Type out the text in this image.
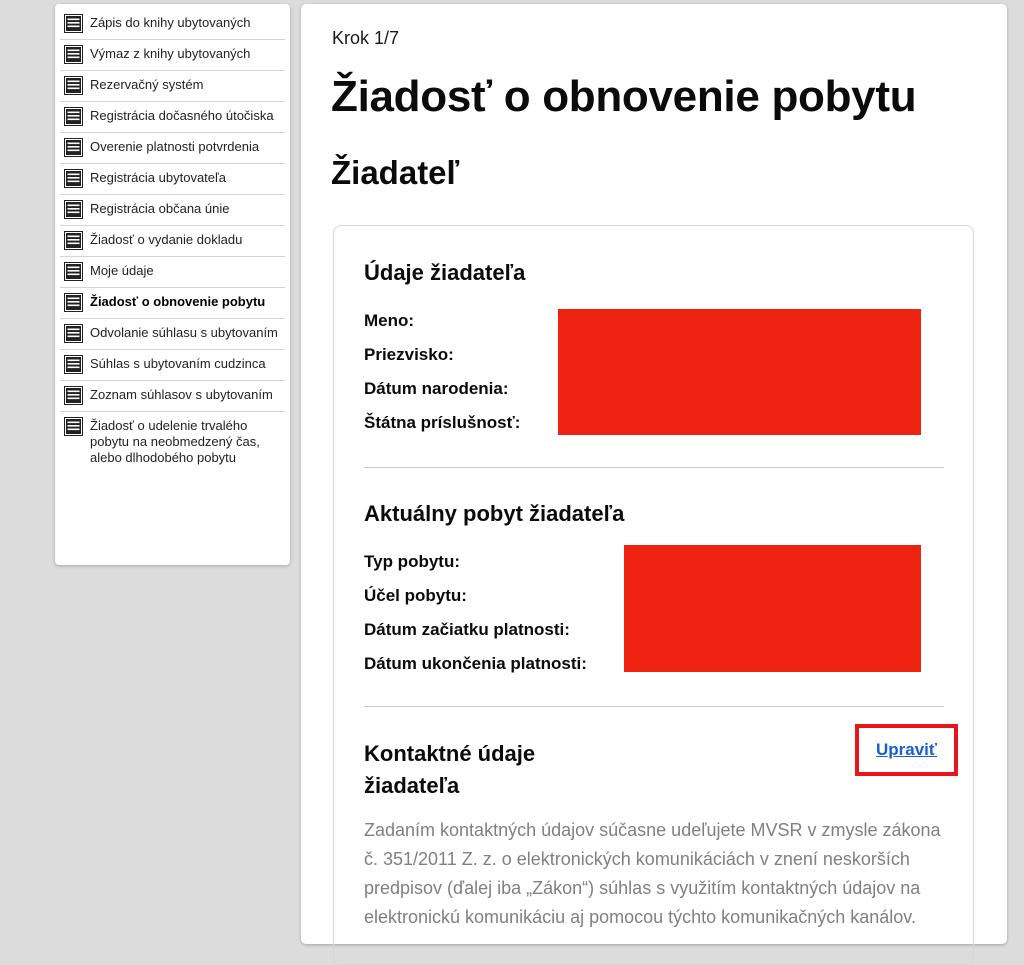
Zápis do knihy ubytovaných
Výmaz z knihy ubytovaných
Rezervačný systém
Registrácia dočasného útočiska
Overenie platnosti potvrdenia
Registrácia ubytovateľa
Registrácia občana únie
Žiadosť o vydanie dokladu
Moje údaje
Žiadosť o obnovenie pobytu
Odvolanie súhlasu s ubytovaním
Súhlas s ubytovaním cudzinca
Zoznam súhlasov s ubytovaním
Žiadosť o udelenie trvalého pobytu na neobmedzený čas, alebo dlhodobého pobytu
Krok 1/7
Žiadosť o obnovenie pobytu
Žiadateľ
Údaje žiadateľa
Meno:
Priezvisko:
Dátum narodenia:
Štátna príslušnosť:
Aktuálny pobyt žiadateľa
Typ pobytu:
Účel pobytu:
Dátum začiatku platnosti:
Dátum ukončenia platnosti:
Kontaktné údaje
žiadateľa
Upraviť

Zadaním kontaktných údajov súčasne udeľujete MVSR v zmysle zákona č. 351/2011 Z. z. o elektronických komunikáciách v znení neskorších predpisov (ďalej iba „Zákon“) súhlas s využitím kontaktných údajov na elektronickú komunikáciu aj pomocou týchto komunikačných kanálov.
